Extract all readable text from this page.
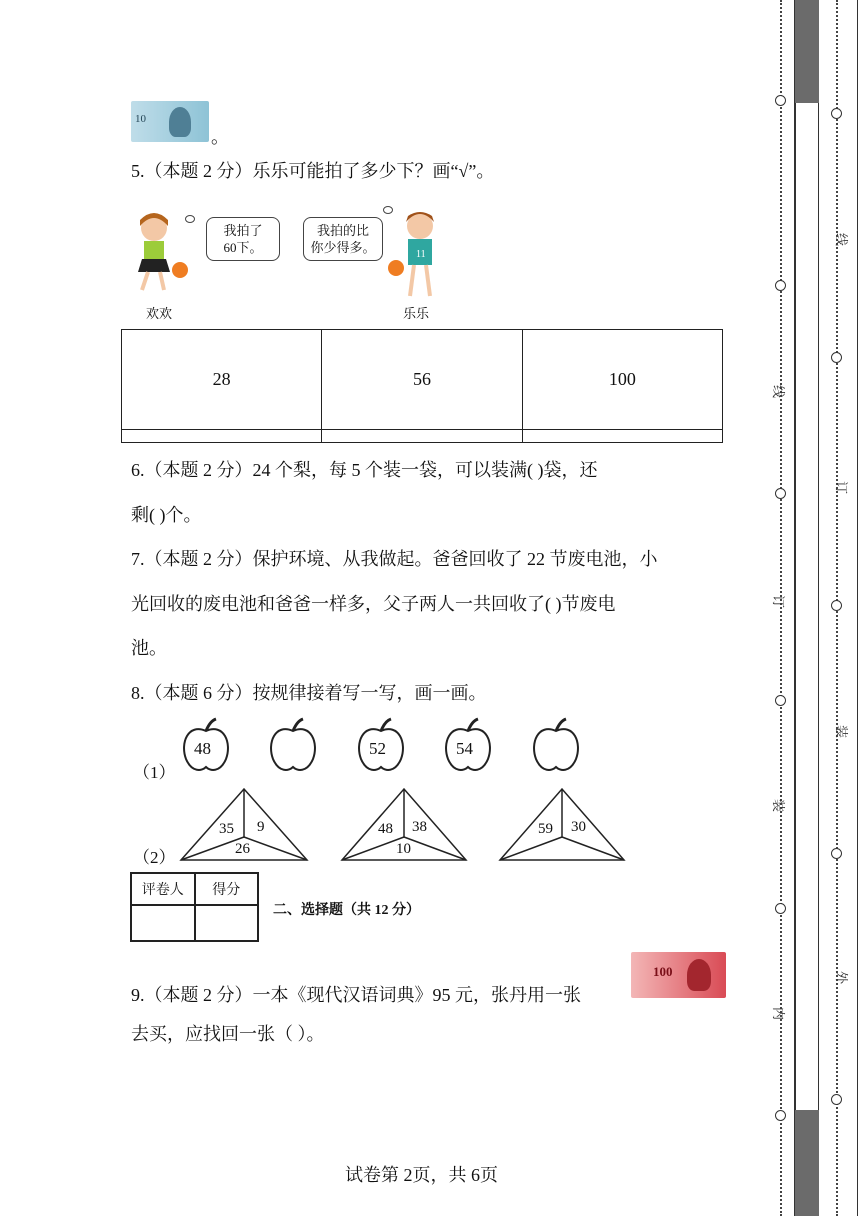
10
。
5.（本题 2 分）乐乐可能拍了多少下？画“√”。
欢欢
我拍了
60下。
我拍的比
你少得多。	11
乐乐
28	56	100

6.（本题 2 分）24 个梨，每 5 个装一袋，可以装满( )袋，还
剩( )个。
7.（本题 2 分）保护环境、从我做起。爸爸回收了 22 节废电池，小
光回收的废电池和爸爸一样多，父子两人一共回收了( )节废电
池。
8.（本题 6 分）按规律接着写一写，画一画。
（1）
48	52	54
（2）
35 9
26
48 38
10
59 30
评卷人	得分

二、选择题（共 12 分）
9.（本题 2 分）一本《现代汉语词典》95 元，张丹用一张
100
去买，应找回一张（ ）。
试卷第 2页，共 6页
线
订
装
内
线
订
装
外
